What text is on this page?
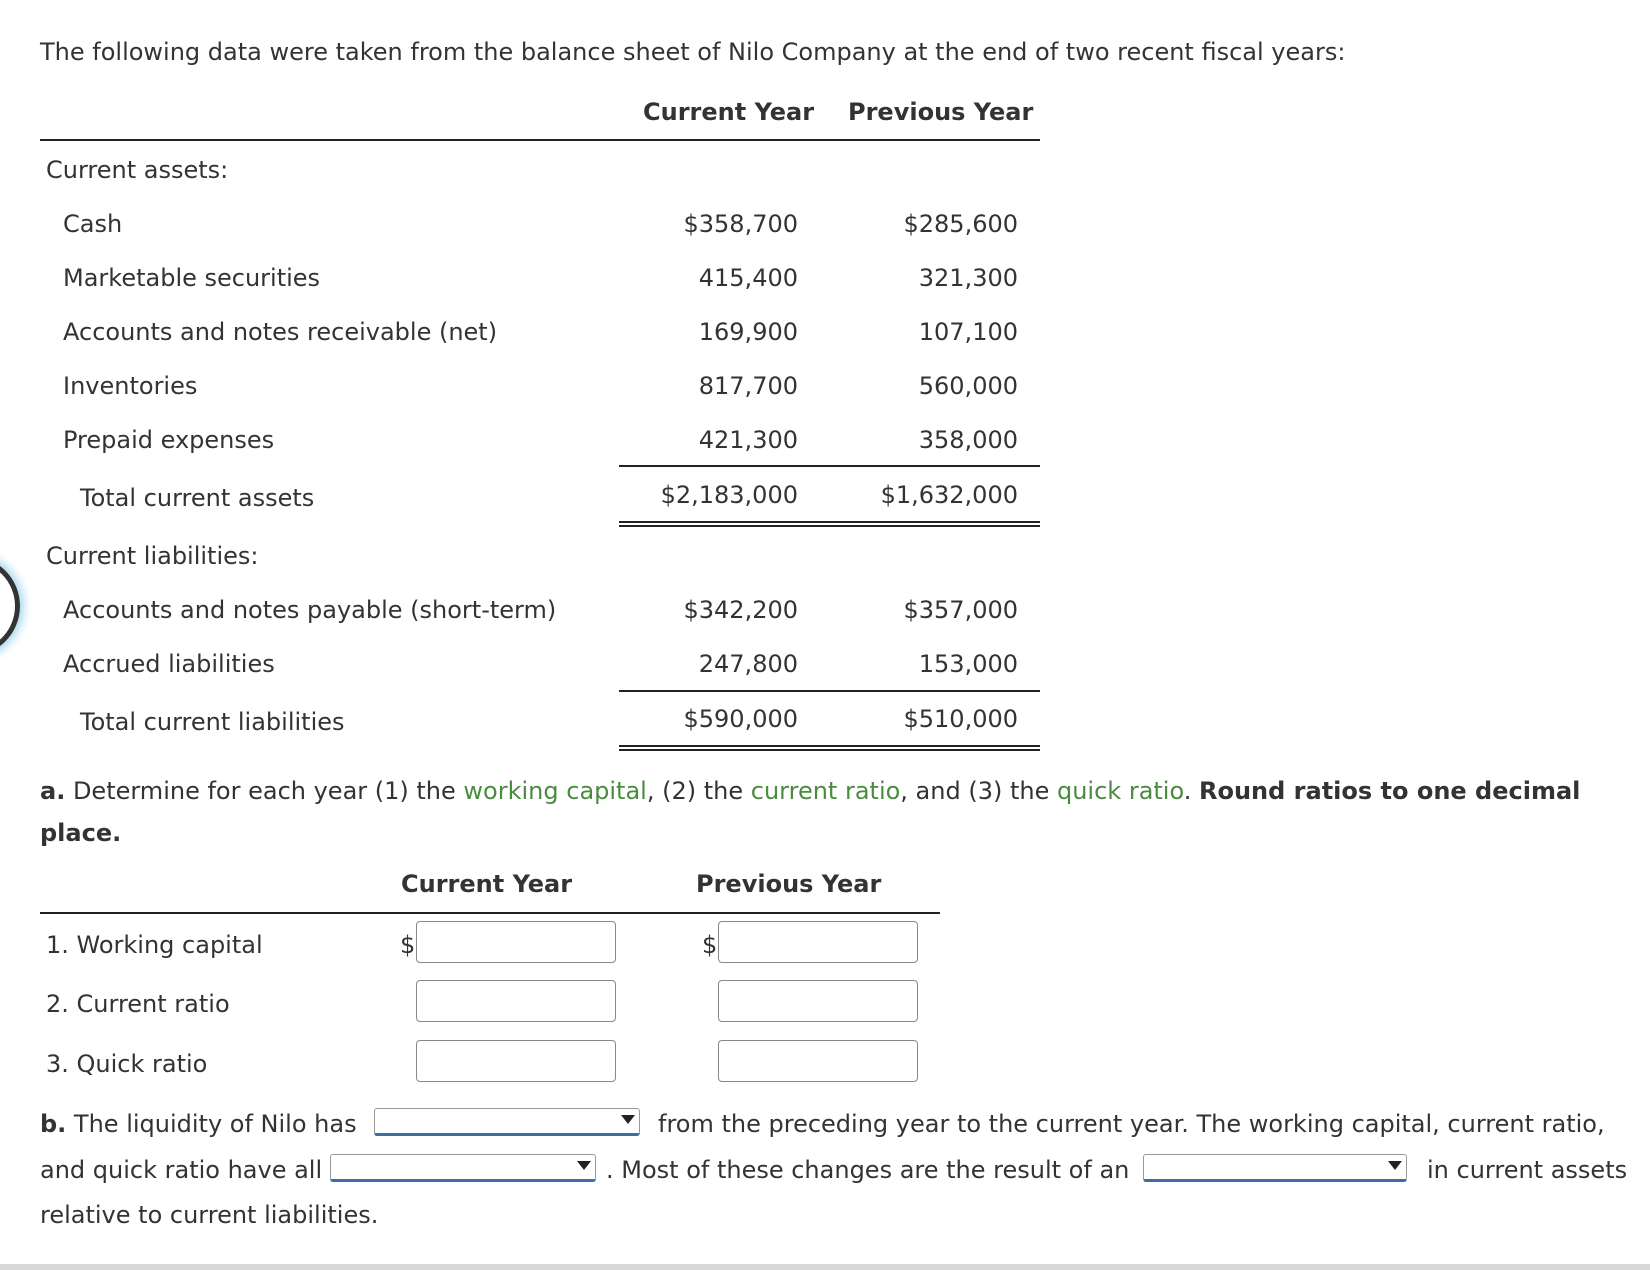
The following data were taken from the balance sheet of Nilo Company at the end of two recent fiscal years:
Current Year Previous Year
Current assets:
Cash	$358,700	$285,600
Marketable securities	415,400	321,300
Accounts and notes receivable (net)	169,900	107,100
Inventories	817,700	560,000
Prepaid expenses	421,300	358,000
Total current assets	$2,183,000	$1,632,000
Current liabilities:
Accounts and notes payable (short-term)	$342,200	$357,000
Accrued liabilities	247,800	153,000
Total current liabilities	$590,000	$510,000
a. Determine for each year (1) the working capital, (2) the current ratio, and (3) the quick ratio. Round ratios to one decimal place.
Current Year	Previous Year
1. Working capital	$	$
2. Current ratio
3. Quick ratio
b. The liquidity of Nilo has	from the preceding year to the current year. The working capital, current ratio,
and quick ratio have all	. Most of these changes are the result of an	in current assets
relative to current liabilities.
